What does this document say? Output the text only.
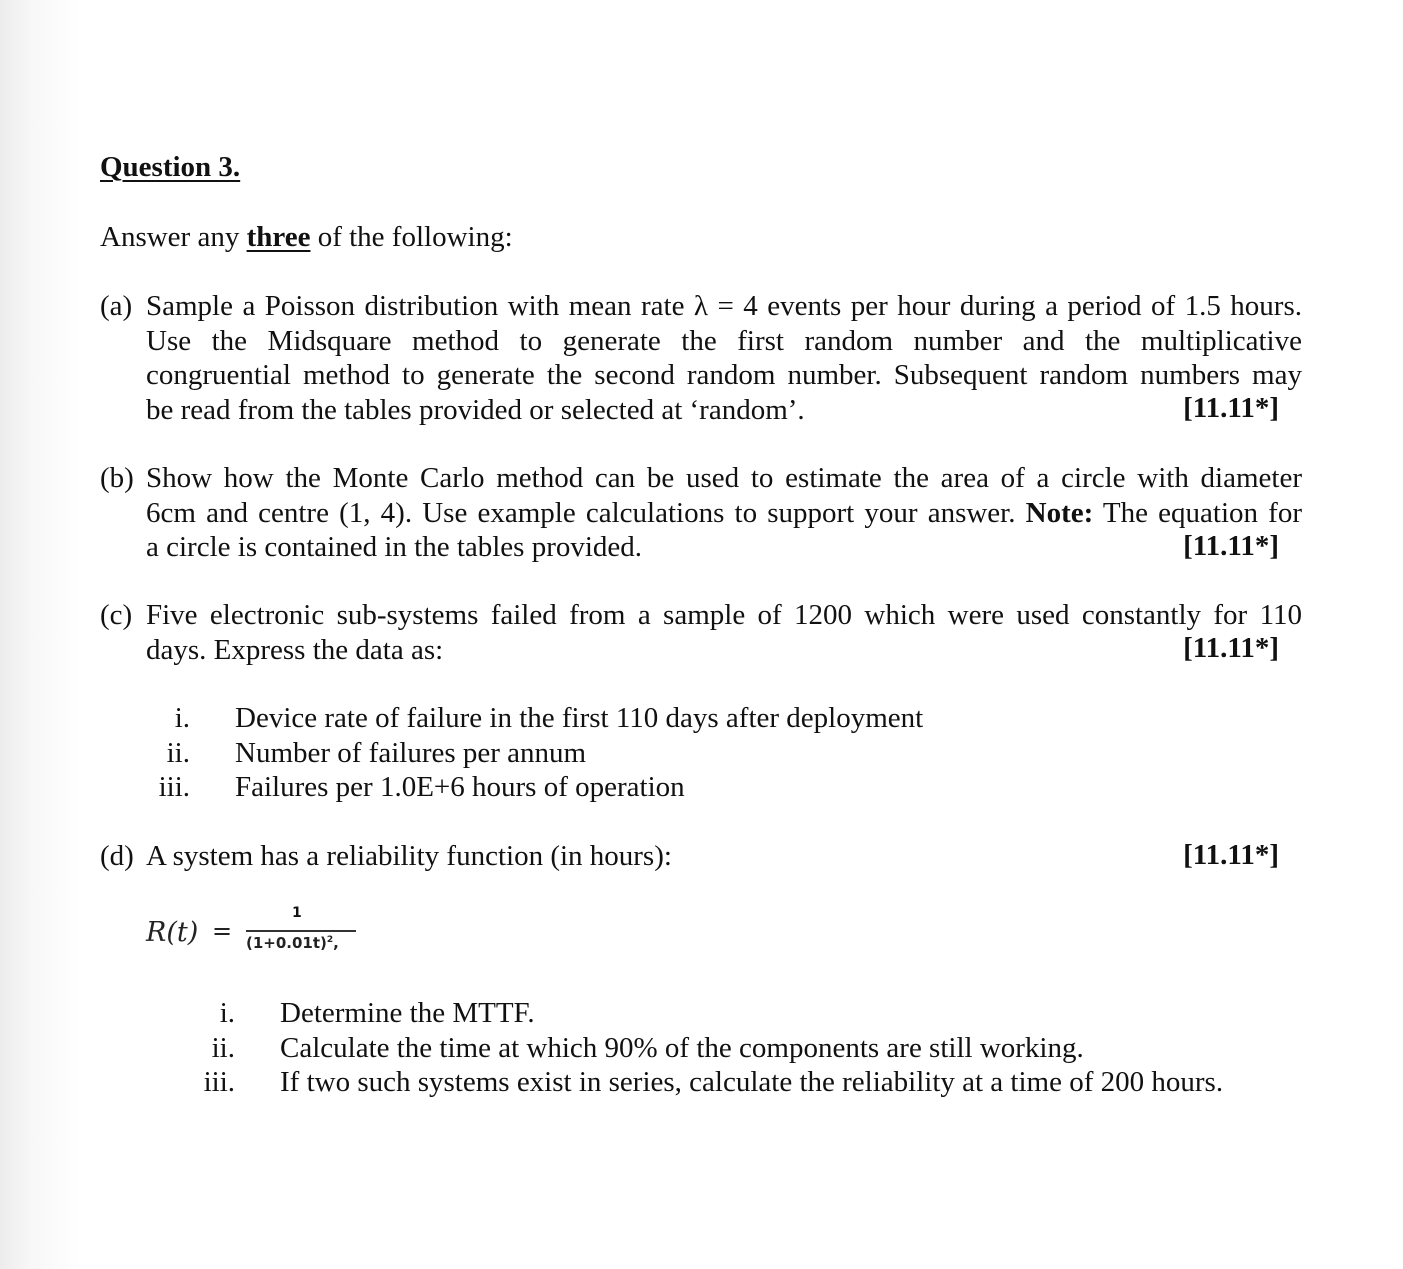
Question 3.
Answer any three of the following:
(a) Sample a Poisson distribution with mean rate λ = 4 events per hour during a period of 1.5 hours.
Use the Midsquare method to generate the first random number and the multiplicative
congruential method to generate the second random number. Subsequent random numbers may
be read from the tables provided or selected at ‘random’.	[11.11*]
(b) Show how the Monte Carlo method can be used to estimate the area of a circle with diameter
6cm and centre (1, 4). Use example calculations to support your answer. Note: The equation for
a circle is contained in the tables provided.	[11.11*]
(c) Five electronic sub-systems failed from a sample of 1200 which were used constantly for 110
days. Express the data as:	[11.11*]
i. Device rate of failure in the first 110 days after deployment
ii. Number of failures per annum
iii. Failures per 1.0E+6 hours of operation
(d) A system has a reliability function (in hours):	[11.11*]
R(t) =
1
$(1+0.01t)^2$,
i. Determine the MTTF.
ii. Calculate the time at which 90% of the components are still working.
iii. If two such systems exist in series, calculate the reliability at a time of 200 hours.
